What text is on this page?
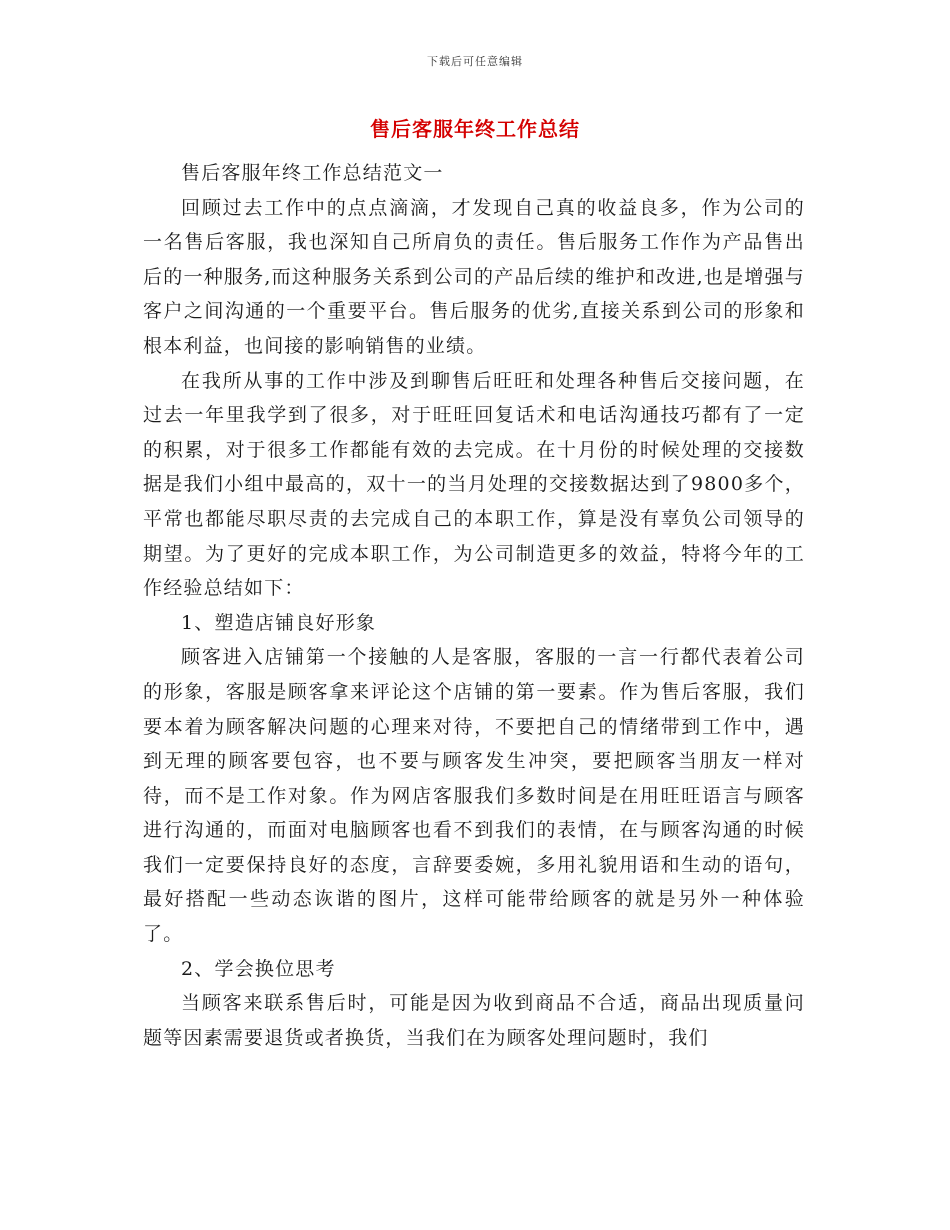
下载后可任意编辑
售后客服年终工作总结

售后客服年终工作总结范文一

回顾过去工作中的点点滴滴，才发现自己真的收益良多，作为公司的一名售后客服，我也深知自己所肩负的责任。售后服务工作作为产品售出后的一种服务,而这种服务关系到公司的产品后续的维护和改进,也是增强与客户之间沟通的一个重要平台。售后服务的优劣,直接关系到公司的形象和根本利益，也间接的影响销售的业绩。

在我所从事的工作中涉及到聊售后旺旺和处理各种售后交接问题，在过去一年里我学到了很多，对于旺旺回复话术和电话沟通技巧都有了一定的积累，对于很多工作都能有效的去完成。在十月份的时候处理的交接数据是我们小组中最高的，双十一的当月处理的交接数据达到了9800多个，平常也都能尽职尽责的去完成自己的本职工作，算是没有辜负公司领导的期望。为了更好的完成本职工作，为公司制造更多的效益，特将今年的工作经验总结如下：

1、塑造店铺良好形象

顾客进入店铺第一个接触的人是客服，客服的一言一行都代表着公司的形象，客服是顾客拿来评论这个店铺的第一要素。作为售后客服，我们要本着为顾客解决问题的心理来对待，不要把自己的情绪带到工作中，遇到无理的顾客要包容，也不要与顾客发生冲突，要把顾客当朋友一样对待，而不是工作对象。作为网店客服我们多数时间是在用旺旺语言与顾客进行沟通的，而面对电脑顾客也看不到我们的表情，在与顾客沟通的时候我们一定要保持良好的态度，言辞要委婉，多用礼貌用语和生动的语句，最好搭配一些动态诙谐的图片，这样可能带给顾客的就是另外一种体验了。

2、学会换位思考

当顾客来联系售后时，可能是因为收到商品不合适，商品出现质量问题等因素需要退货或者换货，当我们在为顾客处理问题时，我们
